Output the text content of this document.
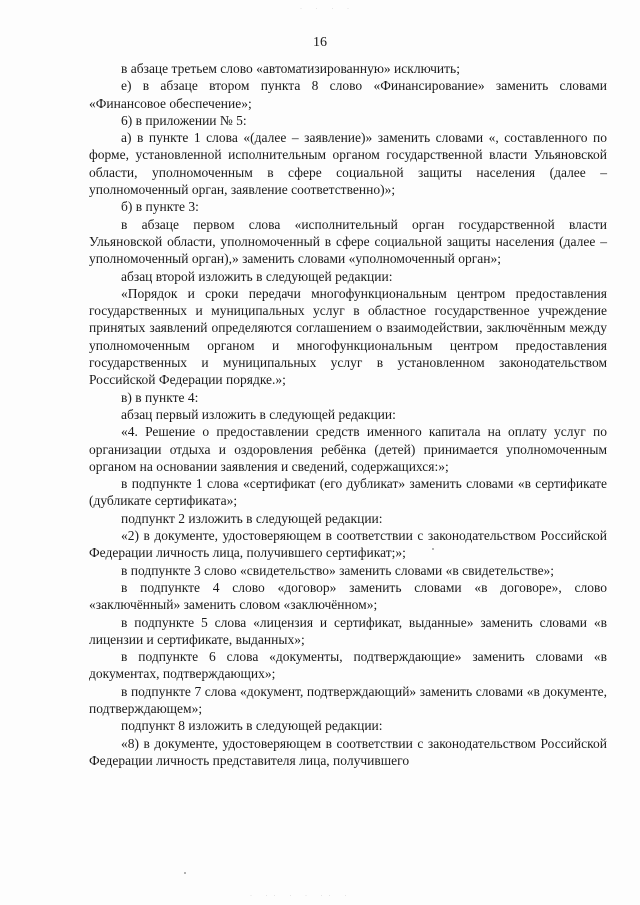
· · · ·
16

в абзаце третьем слово «автоматизированную» исключить;

е) в абзаце втором пункта 8 слово «Финансирование» заменить словами «Финансовое обеспечение»;

6) в приложении № 5:

а) в пункте 1 слова «(далее – заявление)» заменить словами «, составленного по форме, установленной исполнительным органом государственной власти Ульяновской области, уполномоченным в сфере социальной защиты населения (далее – уполномоченный орган, заявление соответственно)»;

б) в пункте 3:

в абзаце первом слова «исполнительный орган государственной власти Ульяновской области, уполномоченный в сфере социальной защиты населения (далее – уполномоченный орган),» заменить словами «уполномоченный орган»;

абзац второй изложить в следующей редакции:

«Порядок и сроки передачи многофункциональным центром предоставления государственных и муниципальных услуг в областное государственное учреждение принятых заявлений определяются соглашением о взаимодействии, заключённым между уполномоченным органом и многофункциональным центром предоставления государственных и муниципальных услуг в установленном законодательством Российской Федерации порядке.»;

в) в пункте 4:

абзац первый изложить в следующей редакции:

«4. Решение о предоставлении средств именного капитала на оплату услуг по организации отдыха и оздоровления ребёнка (детей) принимается уполномоченным органом на основании заявления и сведений, содержащихся:»;

в подпункте 1 слова «сертификат (его дубликат» заменить словами «в сертификате (дубликате сертификата»;

подпункт 2 изложить в следующей редакции:

«2) в документе, удостоверяющем в соответствии с законодательством Российской Федерации личность лица, получившего сертификат;»;

в подпункте 3 слово «свидетельство» заменить словами «в свидетельстве»;

в подпункте 4 слово «договор» заменить словами «в договоре», слово «заключённый» заменить словом «заключённом»;

в подпункте 5 слова «лицензия и сертификат, выданные» заменить словами «в лицензии и сертификате, выданных»;

в подпункте 6 слова «документы, подтверждающие» заменить словами «в документах, подтверждающих»;

в подпункте 7 слова «документ, подтверждающий» заменить словами «в документе, подтверждающем»;

подпункт 8 изложить в следующей редакции:

«8) в документе, удостоверяющем в соответствии с законодательством Российской Федерации личность представителя лица, получившего

· ·· · · ·· ·
